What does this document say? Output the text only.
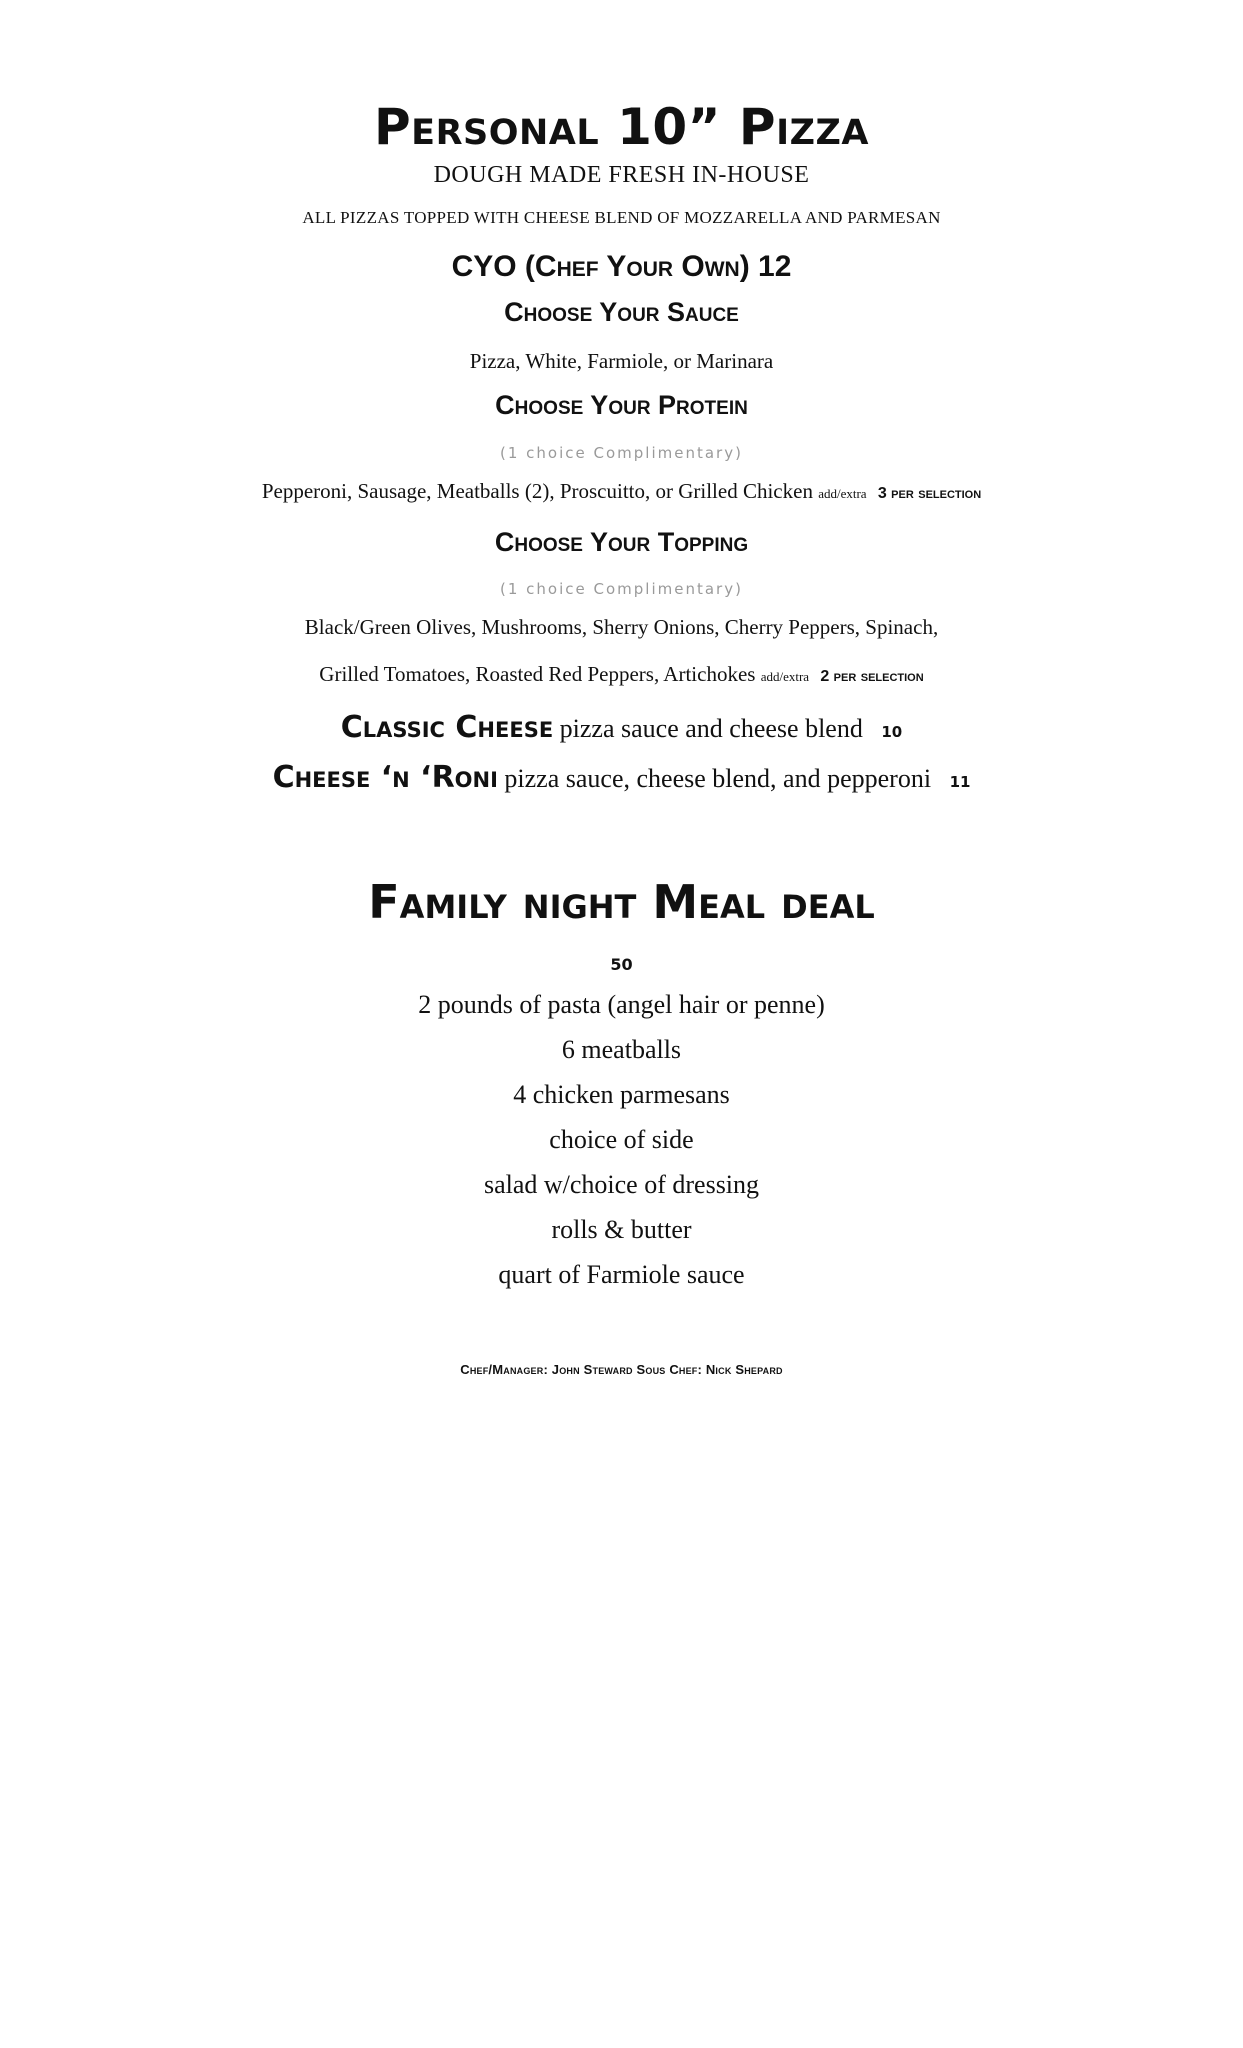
Personal 10” Pizza
DOUGH MADE FRESH IN-HOUSE
ALL PIZZAS TOPPED WITH CHEESE BLEND OF MOZZARELLA AND PARMESAN
CYO (Chef Your Own) 12
Choose Your Sauce
Pizza, White, Farmiole, or Marinara
Choose Your Protein
(1 choice Complimentary)
Pepperoni, Sausage, Meatballs (2), Proscuitto, or Grilled Chicken add/extra 3 per selection
Choose Your Topping
(1 choice Complimentary)
Black/Green Olives, Mushrooms, Sherry Onions, Cherry Peppers, Spinach,
Grilled Tomatoes, Roasted Red Peppers, Artichokes add/extra 2 per selection
Classic Cheese pizza sauce and cheese blend 10
Cheese ‘n ‘Roni pizza sauce, cheese blend, and pepperoni 11
Family night Meal deal
50
2 pounds of pasta (angel hair or penne)
6 meatballs
4 chicken parmesans
choice of side
salad w/choice of dressing
rolls & butter
quart of Farmiole sauce
Chef/Manager: John Steward Sous Chef: Nick Shepard
